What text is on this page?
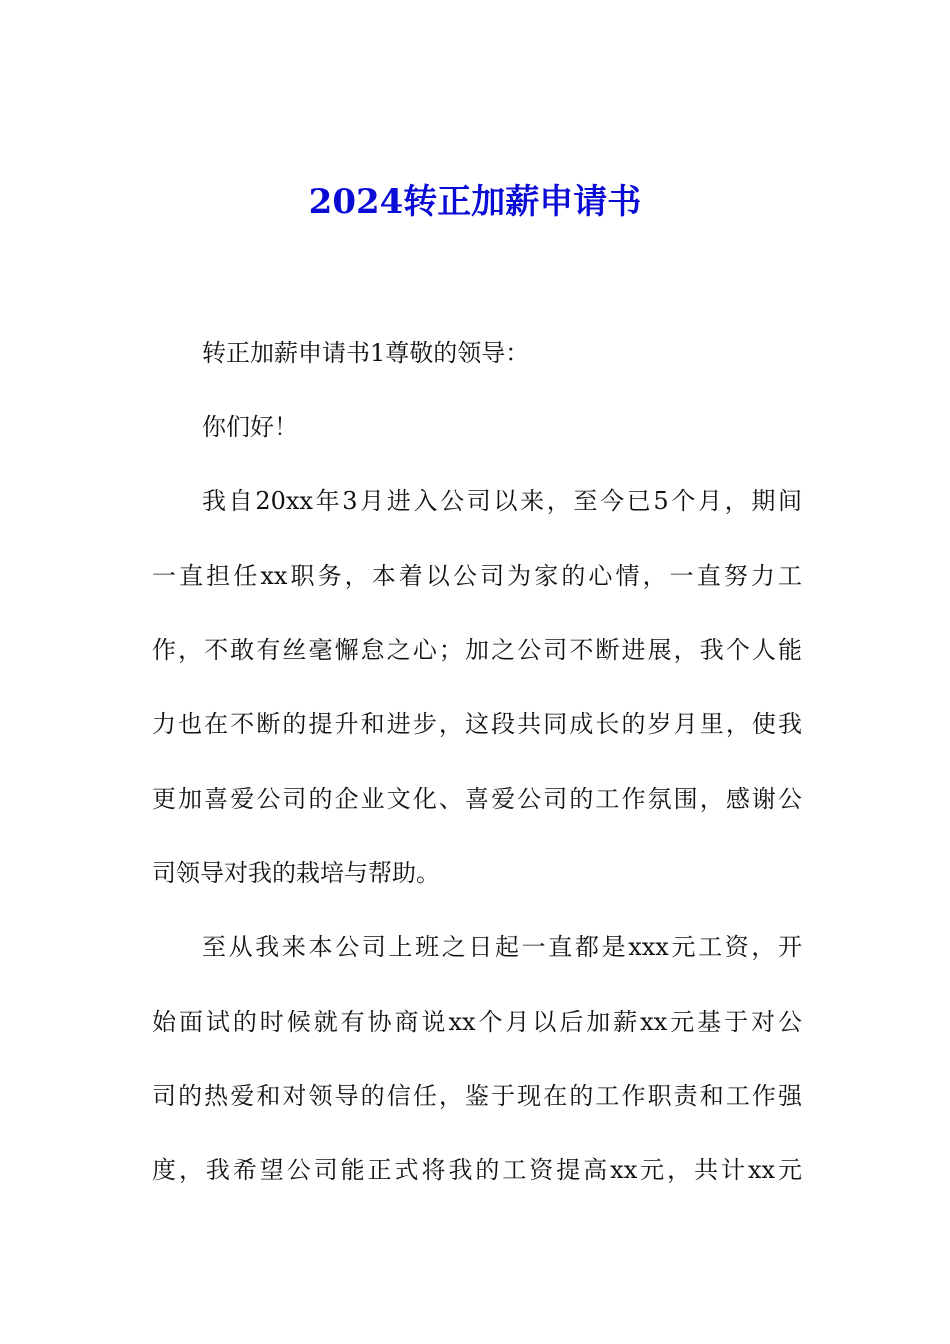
2024转正加薪申请书

转正加薪申请书1尊敬的领导：

你们好！

我自20xx年3月进入公司以来，至今已5个月，期间

一直担任xx职务，本着以公司为家的心情，一直努力工

作，不敢有丝毫懈怠之心；加之公司不断进展，我个人能

力也在不断的提升和进步，这段共同成长的岁月里，使我

更加喜爱公司的企业文化、喜爱公司的工作氛围，感谢公

司领导对我的栽培与帮助。

至从我来本公司上班之日起一直都是xxx元工资，开

始面试的时候就有协商说xx个月以后加薪xx元基于对公

司的热爱和对领导的信任，鉴于现在的工作职责和工作强

度，我希望公司能正式将我的工资提高xx元，共计xx元
